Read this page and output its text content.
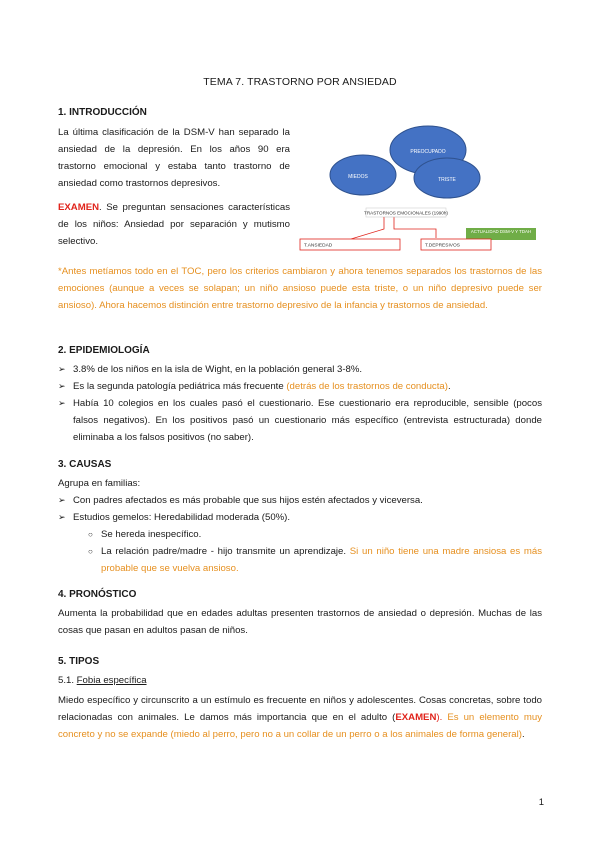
TEMA 7. TRASTORNO POR ANSIEDAD
1. INTRODUCCIÓN
La última clasificación de la DSM-V han separado la ansiedad de la depresión. En los años 90 era trastorno emocional y estaba tanto trastorno de ansiedad como trastornos depresivos.
EXAMEN. Se preguntan sensaciones características de los niños: Ansiedad por separación y mutismo selectivo.
PREOCUPADO
MIEDOS	TRISTE
TRASTORNOS EMOCIONALES (1990h)
ACTUALIDAD DSM-V Y TDAH
T.ANSIEDAD	T.DEPRESIVOS
*Antes metíamos todo en el TOC, pero los criterios cambiaron y ahora tenemos separados los trastornos de las emociones (aunque a veces se solapan; un niño ansioso puede esta triste, o un niño depresivo puede ser ansioso). Ahora hacemos distinción entre trastorno depresivo de la infancia y trastornos de ansiedad.
2. EPIDEMIOLOGÍA
➢ 3.8% de los niños en la isla de Wight, en la población general 3-8%.
➢ Es la segunda patología pediátrica más frecuente (detrás de los trastornos de conducta).
➢ Había 10 colegios en los cuales pasó el cuestionario. Ese cuestionario era reproducible, sensible (pocos falsos negativos). En los positivos pasó un cuestionario más específico (entrevista estructurada) donde eliminaba a los falsos positivos (no saber).
3. CAUSAS
Agrupa en familias:
➢ Con padres afectados es más probable que sus hijos estén afectados y viceversa.
➢ Estudios gemelos: Heredabilidad moderada (50%).
○ Se hereda inespecífico.
○ La relación padre/madre - hijo transmite un aprendizaje. Si un niño tiene una madre ansiosa es más probable que se vuelva ansioso.
4. PRONÓSTICO
Aumenta la probabilidad que en edades adultas presenten trastornos de ansiedad o depresión. Muchas de las cosas que pasan en adultos pasan de niños.
5. TIPOS
5.1. Fobia específica
Miedo específico y circunscrito a un estímulo es frecuente en niños y adolescentes. Cosas concretas, sobre todo relacionadas con animales. Le damos más importancia que en el adulto (EXAMEN). Es un elemento muy concreto y no se expande (miedo al perro, pero no a un collar de un perro o a los animales de forma general).
1
